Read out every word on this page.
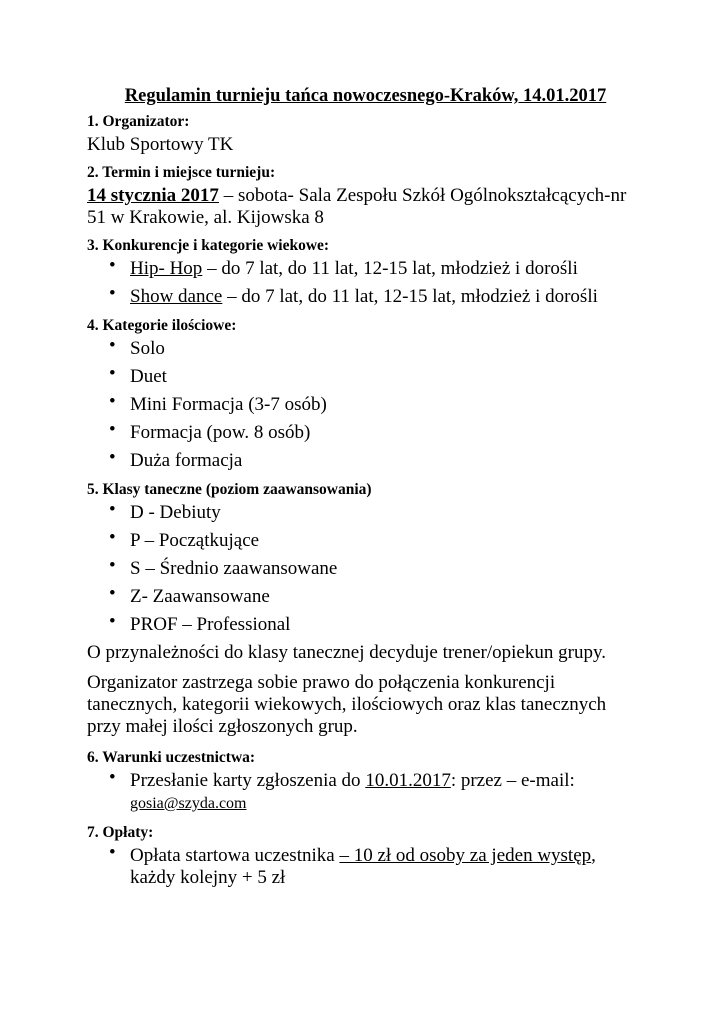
Regulamin turnieju tańca nowoczesnego-Kraków, 14.01.2017

1. Organizator:

Klub Sportowy TK

2. Termin i miejsce turnieju:

14 stycznia 2017 – sobota- Sala Zespołu Szkół Ogólnokształcących-nr 51 w Krakowie, al. Kijowska 8

3. Konkurencje i kategorie wiekowe:

• Hip- Hop – do 7 lat, do 11 lat, 12-15 lat, młodzież i dorośli
• Show dance – do 7 lat, do 11 lat, 12-15 lat, młodzież i dorośli

4. Kategorie ilościowe:

• Solo
• Duet
• Mini Formacja (3-7 osób)
• Formacja (pow. 8 osób)
• Duża formacja

5. Klasy taneczne (poziom zaawansowania)

• D - Debiuty
• P – Początkujące
• S – Średnio zaawansowane
• Z- Zaawansowane
• PROF – Professional

O przynależności do klasy tanecznej decyduje trener/opiekun grupy.

Organizator zastrzega sobie prawo do połączenia konkurencji tanecznych, kategorii wiekowych, ilościowych oraz klas tanecznych przy małej ilości zgłoszonych grup.

6. Warunki uczestnictwa:

• Przesłanie karty zgłoszenia do 10.01.2017: przez – e-mail:
gosia@szyda.com

7. Opłaty:

• Opłata startowa uczestnika – 10 zł od osoby za jeden występ, każdy kolejny + 5 zł
